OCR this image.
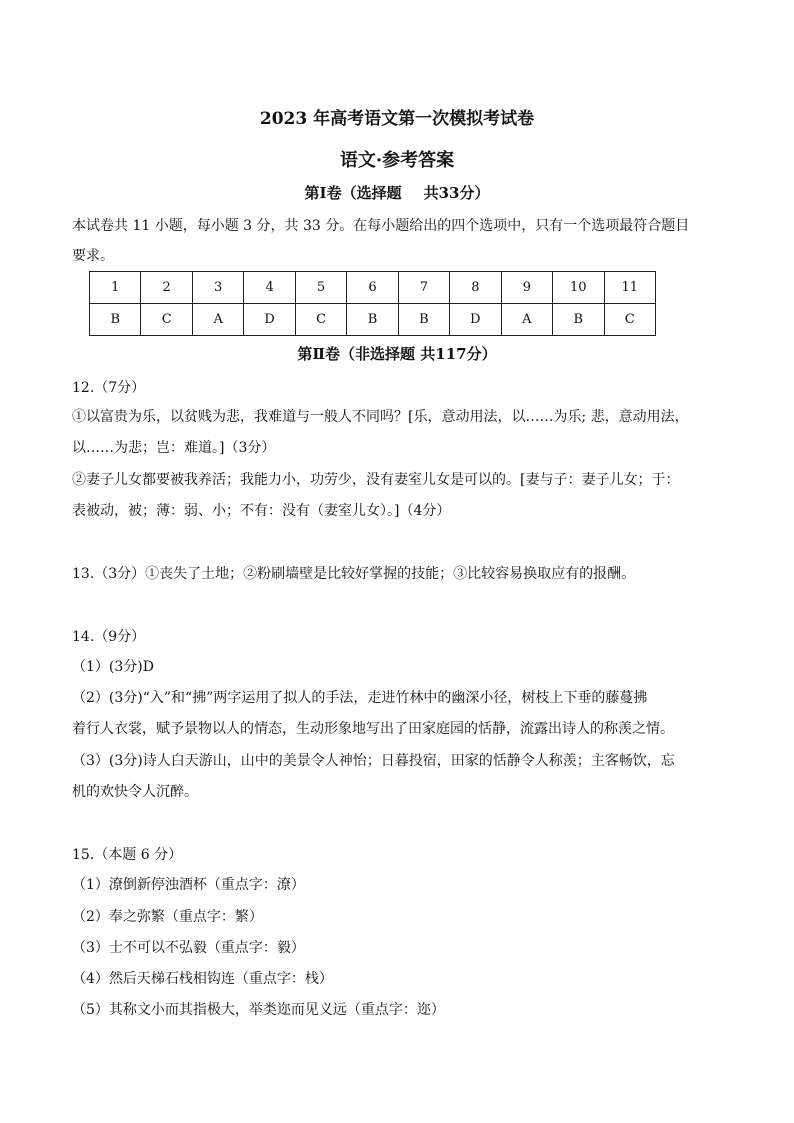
2023 年高考语文第一次模拟考试卷
语文·参考答案
第Ⅰ卷（选择题 共33分）
本试卷共 11 小题，每小题 3 分，共 33 分。在每小题给出的四个选项中，只有一个选项最符合题目
要求。
1	2	3	4	5	6	7	8	9	10	11
B	C	A	D	C	B	B	D	A	B	C
第Ⅱ卷（非选择题 共117分）
12.（7分）
①以富贵为乐，以贫贱为悲，我难道与一般人不同吗？[乐，意动用法，以……为乐; 悲，意动用法，
以……为悲；岂：难道。]（3分）
②妻子儿女都要被我养活；我能力小，功劳少，没有妻室儿女是可以的。[妻与子：妻子儿女；于：
表被动，被；薄：弱、小；不有：没有（妻室儿女）。]（4分）
13.（3分）①丧失了土地；②粉刷墙壁是比较好掌握的技能；③比较容易换取应有的报酬。
14.（9分）
（1）(3分)D
（2）(3分)“入”和“拂”两字运用了拟人的手法，走进竹林中的幽深小径，树枝上下垂的藤蔓拂
着行人衣裳，赋予景物以人的情态，生动形象地写出了田家庭园的恬静，流露出诗人的称羡之情。
（3）(3分)诗人白天游山，山中的美景令人神怡；日暮投宿，田家的恬静令人称羡；主客畅饮，忘
机的欢快令人沉醉。
15.（本题 6 分）
（1）潦倒新停浊酒杯（重点字：潦）
（2）奉之弥繁（重点字：繁）
（3）士不可以不弘毅（重点字：毅）
（4）然后天梯石栈相钩连（重点字：栈）
（5）其称文小而其指极大，举类迩而见义远（重点字：迩）
